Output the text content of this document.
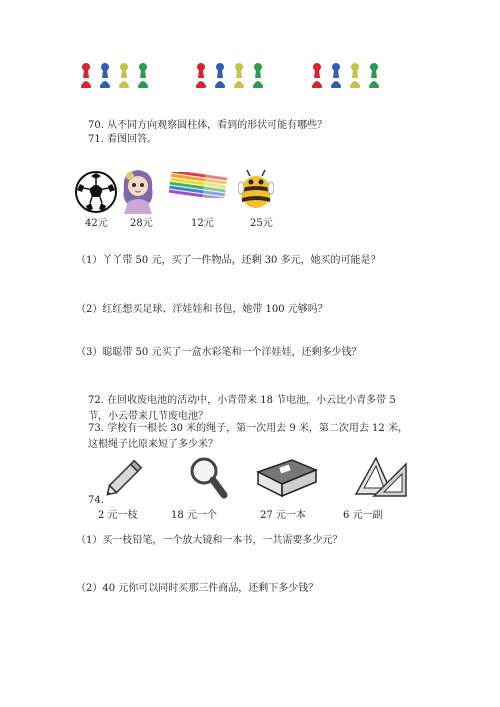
70. 从不同方向观察圆柱体，看到的形状可能有哪些？
71. 看图回答。
42元 28元	12元	25元
（1）丫丫带 50 元，买了一件物品，还剩 30 多元，她买的可能是？
（2）红红想买足球、洋娃娃和书包，她带 100 元够吗？
（3）聪聪带 50 元买了一盒水彩笔和一个洋娃娃，还剩多少钱？
72. 在回收废电池的活动中，小青带来 18 节电池，小云比小青多带 5 节，小云带来几节废电池？
73. 学校有一根长 30 米的绳子，第一次用去 9 米，第二次用去 12 米，这根绳子比原来短了多少米？
74.
2 元一枝	18 元一个	27 元一本	6 元一副
（1）买一枝铅笔，一个放大镜和一本书，一共需要多少元？
（2）40 元你可以同时买那三件商品，还剩下多少钱？
